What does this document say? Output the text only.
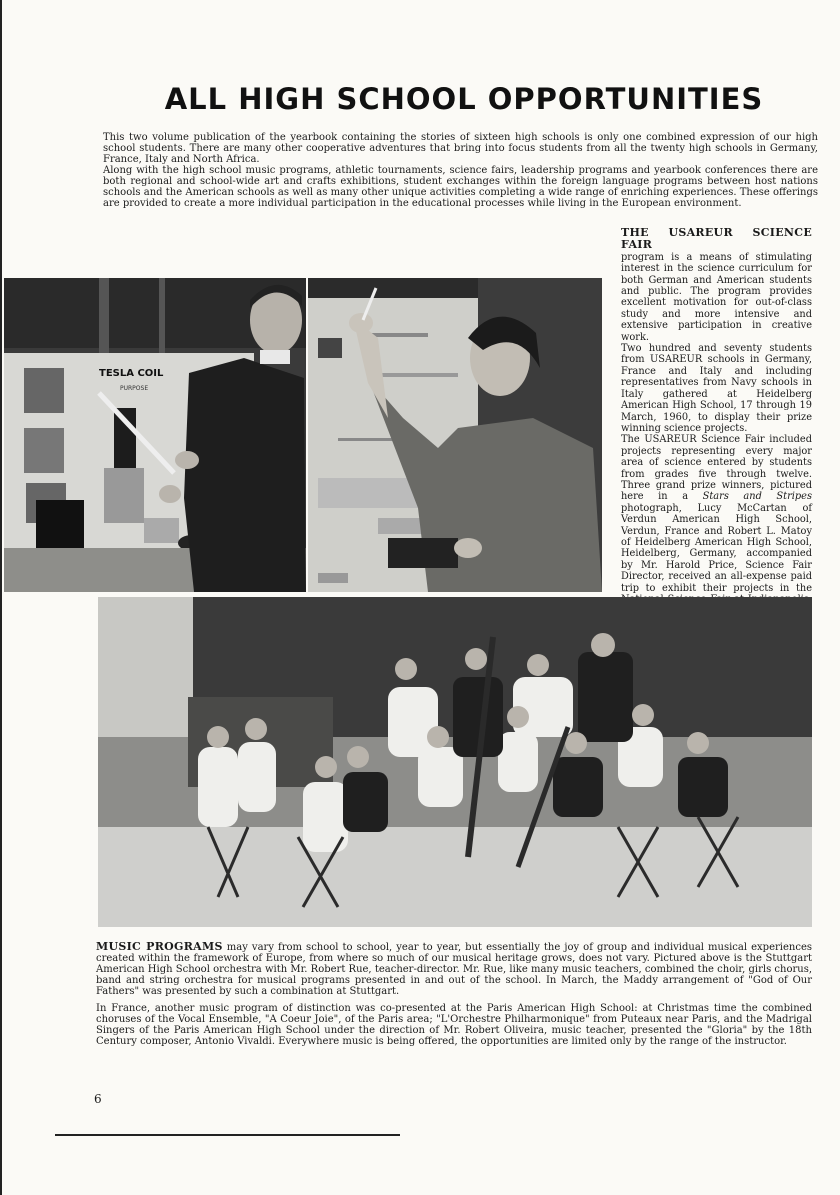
ALL HIGH SCHOOL OPPORTUNITIES

This two volume publication of the yearbook containing the stories of sixteen high schools is only one combined expression of our high school students. There are many other cooperative adventures that bring into focus students from all the twenty high schools in Germany, France, Italy and North Africa.

Along with the high school music programs, athletic tournaments, science fairs, leadership programs and yearbook conferences there are both regional and school-wide art and crafts exhibitions, student exchanges within the foreign language programs between host nations schools and the American schools as well as many other unique activities completing a wide range of enriching experiences. These offerings are provided to create a more individual participation in the educational processes while living in the European environment.

THE USAREUR SCIENCE FAIR
program is a means of stimulating interest in the science curriculum for both German and American students and public. The program provides excellent motivation for out-of-class study and more intensive and extensive participation in creative work.

Two hundred and seventy students from USAREUR schools in Germany, France and Italy and including representatives from Navy schools in Italy gathered at Heidelberg American High School, 17 through 19 March, 1960, to display their prize winning science projects.

The USAREUR Science Fair included projects representing every major area of science entered by students from grades five through twelve. Three grand prize winners, pictured here in a Stars and Stripes photograph, Lucy McCartan of Verdun American High School, Verdun, France and Robert L. Matoy of Heidelberg American High School, Heidelberg, Germany, accompanied by Mr. Harold Price, Science Fair Director, received an all-expense paid trip to exhibit their projects in the

TESLA COIL
PURPOSE

MUSIC PROGRAMS may vary from school to school, year to year, but essentially the joy of group and individual musical experiences created within the framework of Europe, from where so much of our musical heritage grows, does not vary. Pictured above is the Stuttgart American High School orchestra with Mr. Robert Rue, teacher-director. Mr. Rue, like many music teachers, combined the choir, girls chorus, band and string orchestra for musical programs presented in and out of the school. In March, the Maddy arrangement of "God of Our Fathers" was presented by such a combination at Stuttgart.

In France, another music program of distinction was co-presented at the Paris American High School: at Christmas time the combined choruses of the Vocal Ensemble, "A Coeur Joie", of the Paris area; "L'Orchestre Philharmonique" from Puteaux near Paris, and the Madrigal Singers of the Paris American High School under the direction of Mr. Robert Oliveira, music teacher, presented the "Gloria" by the 18th Century composer, Antonio Vivaldi. Everywhere music is being offered, the opportunities are limited only by the range of the instructor.

6
